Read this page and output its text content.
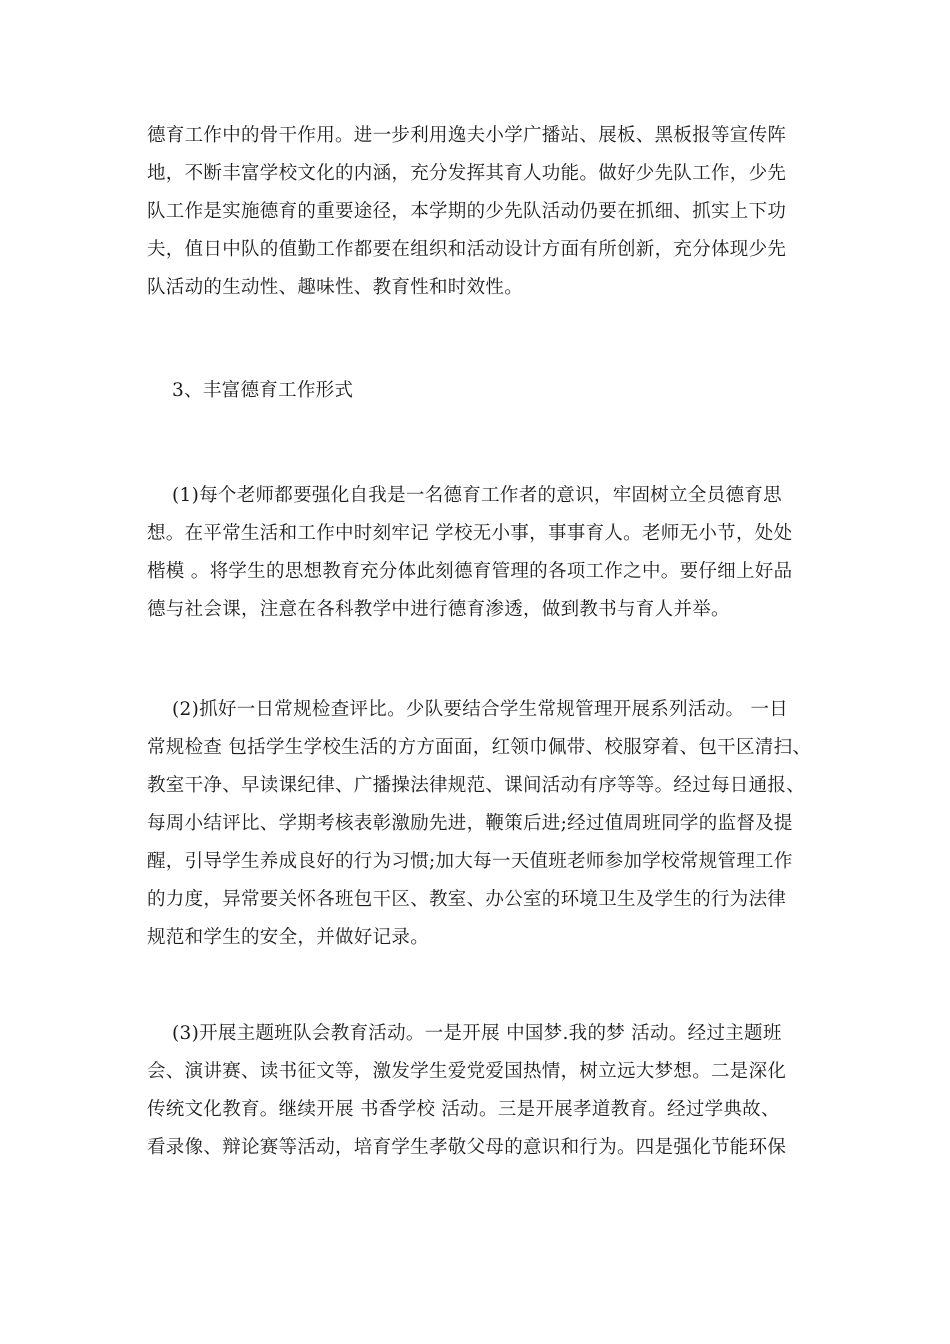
德育工作中的骨干作用。进一步利用逸夫小学广播站、展板、黑板报等宣传阵
地，不断丰富学校文化的内涵，充分发挥其育人功能。做好少先队工作，少先
队工作是实施德育的重要途径，本学期的少先队活动仍要在抓细、抓实上下功
夫，值日中队的值勤工作都要在组织和活动设计方面有所创新，充分体现少先
队活动的生动性、趣味性、教育性和时效性。
3、丰富德育工作形式
(1)每个老师都要强化自我是一名德育工作者的意识，牢固树立全员德育思
想。在平常生活和工作中时刻牢记 学校无小事，事事育人。老师无小节，处处
楷模 。将学生的思想教育充分体此刻德育管理的各项工作之中。要仔细上好品
德与社会课，注意在各科教学中进行德育渗透，做到教书与育人并举。
(2)抓好一日常规检查评比。少队要结合学生常规管理开展系列活动。 一日
常规检查 包括学生学校生活的方方面面，红领巾佩带、校服穿着、包干区清扫、
教室干净、早读课纪律、广播操法律规范、课间活动有序等等。经过每日通报、
每周小结评比、学期考核表彰激励先进，鞭策后进;经过值周班同学的监督及提
醒，引导学生养成良好的行为习惯;加大每一天值班老师参加学校常规管理工作
的力度，异常要关怀各班包干区、教室、办公室的环境卫生及学生的行为法律
规范和学生的安全，并做好记录。
(3)开展主题班队会教育活动。一是开展 中国梦.我的梦 活动。经过主题班
会、演讲赛、读书征文等，激发学生爱党爱国热情，树立远大梦想。二是深化
传统文化教育。继续开展 书香学校 活动。三是开展孝道教育。经过学典故、
看录像、辩论赛等活动，培育学生孝敬父母的意识和行为。四是强化节能环保
